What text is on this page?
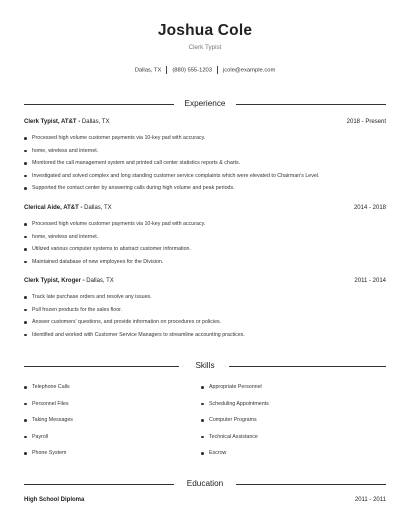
Joshua Cole
Clerk Typist
Dallas, TX (880) 555-1203 jcole@example.com
Experience
Clerk Typist, AT&T - Dallas, TX	2018 - Present
Processed high volume customer payments via 10-key pad with accuracy.
home, wireless and internet.
Monitored the call management system and printed call center statistics reports & charts.
Investigated and solved complex and long standing customer service complaints which were elevated to Chairman's Level.
Supported the contact center by answering calls during high volume and peak periods.
Clerical Aide, AT&T - Dallas, TX	2014 - 2018
Processed high volume customer payments via 10-key pad with accuracy.
home, wireless and internet.
Utilized various computer systems to abstract customer information.
Maintained database of new employees for the Division.
Clerk Typist, Kroger - Dallas, TX	2011 - 2014
Track late purchase orders and resolve any issues.
Pull frozen products for the sales floor.
Answer customers' questions, and provide information on procedures or policies.
Identified and worked with Customer Service Managers to streamline accounting practices.
Skills
Telephone Calls
Personnel Files
Taking Messages
Payroll
Phone System
Appropriate Personnel
Scheduling Appointments
Computer Programs
Technical Assistance
Escrow
Education
High School Diploma	2011 - 2011
